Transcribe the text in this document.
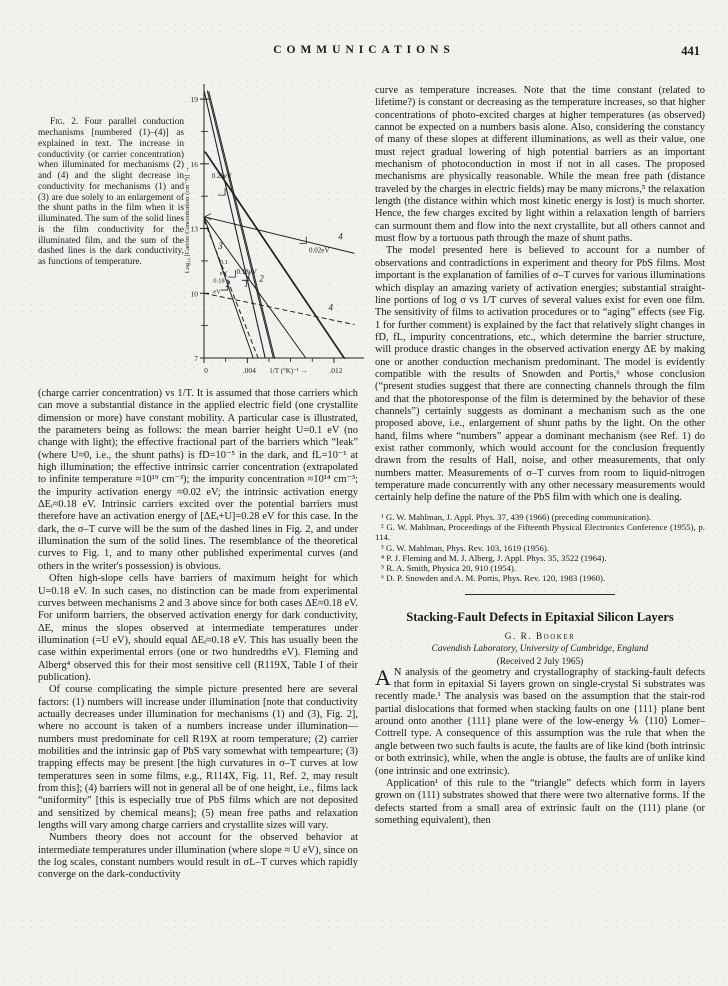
COMMUNICATIONS	441

Fig. 2. Four parallel conduction mechanisms [numbered (1)–(4)] as explained in text. The increase in conductivity (or carrier concentration) when illuminated for mechanisms (2) and (4) and the slight decrease in conductivity for mechanisms (1) and (3) are due solely to an enlargement of the shunt paths in the film when it is illuminated. The sum of the solid lines is the film conductivity for the illuminated film, and the sum of the dashed lines is the dark conductivity, as functions of temperature.

19
16
13
10
7
0	.004	.012
Log₁₀ [Carrier Concentration (cm⁻³)] →
1/T (°K)⁻¹ →
0.28eV
0.02eV
4
3
0.1
eV 0.18eV
2
0.18
eV
2 1
4

(charge carrier concentration) vs 1/T. It is assumed that those carriers which can move a substantial distance in the applied electric field (one crystallite dimension or more) have constant mobility. A particular case is illustrated, the parameters being as follows: the mean barrier height U=0.1 eV (no change with light); the effective fractional part of the barriers which “leak” (where U≈0, i.e., the shunt paths) is fD=10⁻⁵ in the dark, and fL=10⁻¹ at high illumination; the effective intrinsic carrier concentration (extrapolated to infinite temperature ≈10¹⁹ cm⁻³); the impurity concentration ≈10¹⁴ cm⁻³; the impurity activation energy ≈0.02 eV; the intrinsic activation energy ΔEᵢ≈0.18 eV. Intrinsic carriers excited over the potential barriers must therefore have an activation energy of [ΔEᵢ+U]=0.28 eV for this case. In the dark, the σ–T curve will be the sum of the dashed lines in Fig. 2, and under illumination the sum of the solid lines. The resemblance of the theoretical curves to Fig. 1, and to many other published experimental curves (and others in the writer's possession) is obvious.

Often high-slope cells have barriers of maximum height for which U=0.18 eV. In such cases, no distinction can be made from experimental curves between mechanisms 2 and 3 above since for both cases ΔE≈0.18 eV. For uniform barriers, the observed activation energy for dark conductivity, ΔE, minus the slopes observed at intermediate temperatures under illumination (=U eV), should equal ΔEᵢ≈0.18 eV. This has usually been the case within experimental errors (one or two hundredths eV). Fleming and Alberg⁴ observed this for their most sensitive cell (R119X, Table I of their publication).

Of course complicating the simple picture presented here are several factors: (1) numbers will increase under illumination [note that conductivity actually decreases under illumination for mechanisms (1) and (3), Fig. 2], where no account is taken of a numbers increase under illumination—numbers must predominate for cell R19X at room temperature; (2) carrier mobilities and the intrinsic gap of PbS vary somewhat with tempearture; (3) trapping effects may be present [the high curvatures in σ–T curves at low temperatures seen in some films, e.g., R114X, Fig. 11, Ref. 2, may result from this]; (4) barriers will not in general all be of one height, i.e., films lack “uniformity” [this is especially true of PbS films which are not deposited and sensitized by chemical means]; (5) mean free paths and relaxation lengths will vary among charge carriers and crystallite sizes will vary.

Numbers theory does not account for the observed behavior at intermediate temperatures under illumination (where slope ≈ U eV), since on the log scales, constant numbers would result in σL–T curves which rapidly converge on the dark-conductivity

curve as temperature increases. Note that the time constant (related to lifetime?) is constant or decreasing as the temperature increases, so that higher concentrations of photo-excited charges at higher temperatures (as observed) cannot be expected on a numbers basis alone. Also, considering the constancy of many of these slopes at different illuminations, as well as their value, one must reject gradual lowering of high potential barriers as an important mechanism of photoconduction in most if not in all cases. The proposed mechanisms are physically reasonable. While the mean free path (distance traveled by the charges in electric fields) may be many microns,⁵ the relaxation length (the distance within which most kinetic energy is lost) is much shorter. Hence, the few charges excited by light within a relaxation length of barriers can surmount them and flow into the next crystallite, but all others cannot and must flow by a tortuous path through the maze of shunt paths.

The model presented here is believed to account for a number of observations and contradictions in experiment and theory for PbS films. Most important is the explanation of families of σ–T curves for various illuminations which display an amazing variety of activation energies; substantial straight-line portions of log σ vs 1/T curves of several values exist for even one film. The sensitivity of films to activation procedures or to “aging” effects (see Fig. 1 for further comment) is explained by the fact that relatively slight changes in fD, fL, impurity concentrations, etc., which determine the barrier structure, will produce drastic changes in the observed activation energy ΔE by making one or another conduction mechanism predominant. The model is evidently compatible with the results of Snowden and Portis,⁶ whose conclusion (“present studies suggest that there are connecting channels through the film and that the photoresponse of the film is determined by the behavior of these channels”) certainly suggests as dominant a mechanism such as the one proposed above, i.e., enlargement of shunt paths by the light. On the other hand, films where “numbers” appear a dominant mechanism (see Ref. 1) do exist rather commonly, which would account for the conclusion frequently drawn from the results of Hall, noise, and other measurements, that only numbers matter. Measurements of σ–T curves from room to liquid-nitrogen temperature made concurrently with any other necessary measurements would certainly help define the nature of the PbS film with which one is dealing.

¹ G. W. Mahlman, J. Appl. Phys. 37, 439 (1966) (preceding communication).

² G. W. Mahlman, Proceedings of the Fifteenth Physical Electronics Conference (1955), p. 114.

³ G. W. Mahlman, Phys. Rev. 103, 1619 (1956).

⁴ P. J. Fleming and M. J. Alberg, J. Appl. Phys. 35, 3522 (1964).

⁵ R. A. Smith, Physica 20, 910 (1954).

⁶ D. P. Snowden and A. M. Portis, Phys. Rev. 120, 1983 (1960).

Stacking-Fault Defects in Epitaxial Silicon Layers
G. R. Booker
Cavendish Laboratory, University of Cambridge, England
(Received 2 July 1965)

A N analysis of the geometry and crystallography of stacking-fault defects that form in epitaxial Si layers grown on single-crystal Si substrates was recently made.¹ The analysis was based on the assumption that the stair-rod partial dislocations that formed when stacking faults on one {111} plane bent around onto another {111} plane were of the low-energy ⅙ ⟨110⟩ Lomer–Cottrell type. A consequence of this assumption was the rule that when the angle between two such faults is acute, the faults are of like kind (both intrinsic or both extrinsic), while, when the angle is obtuse, the faults are of unlike kind (one intrinsic and one extrinsic).

Application¹ of this rule to the “triangle” defects which form in layers grown on (111) substrates showed that there were two alternative forms. If the defects started from a small area of extrinsic fault on the (111) plane (or something equivalent), then
